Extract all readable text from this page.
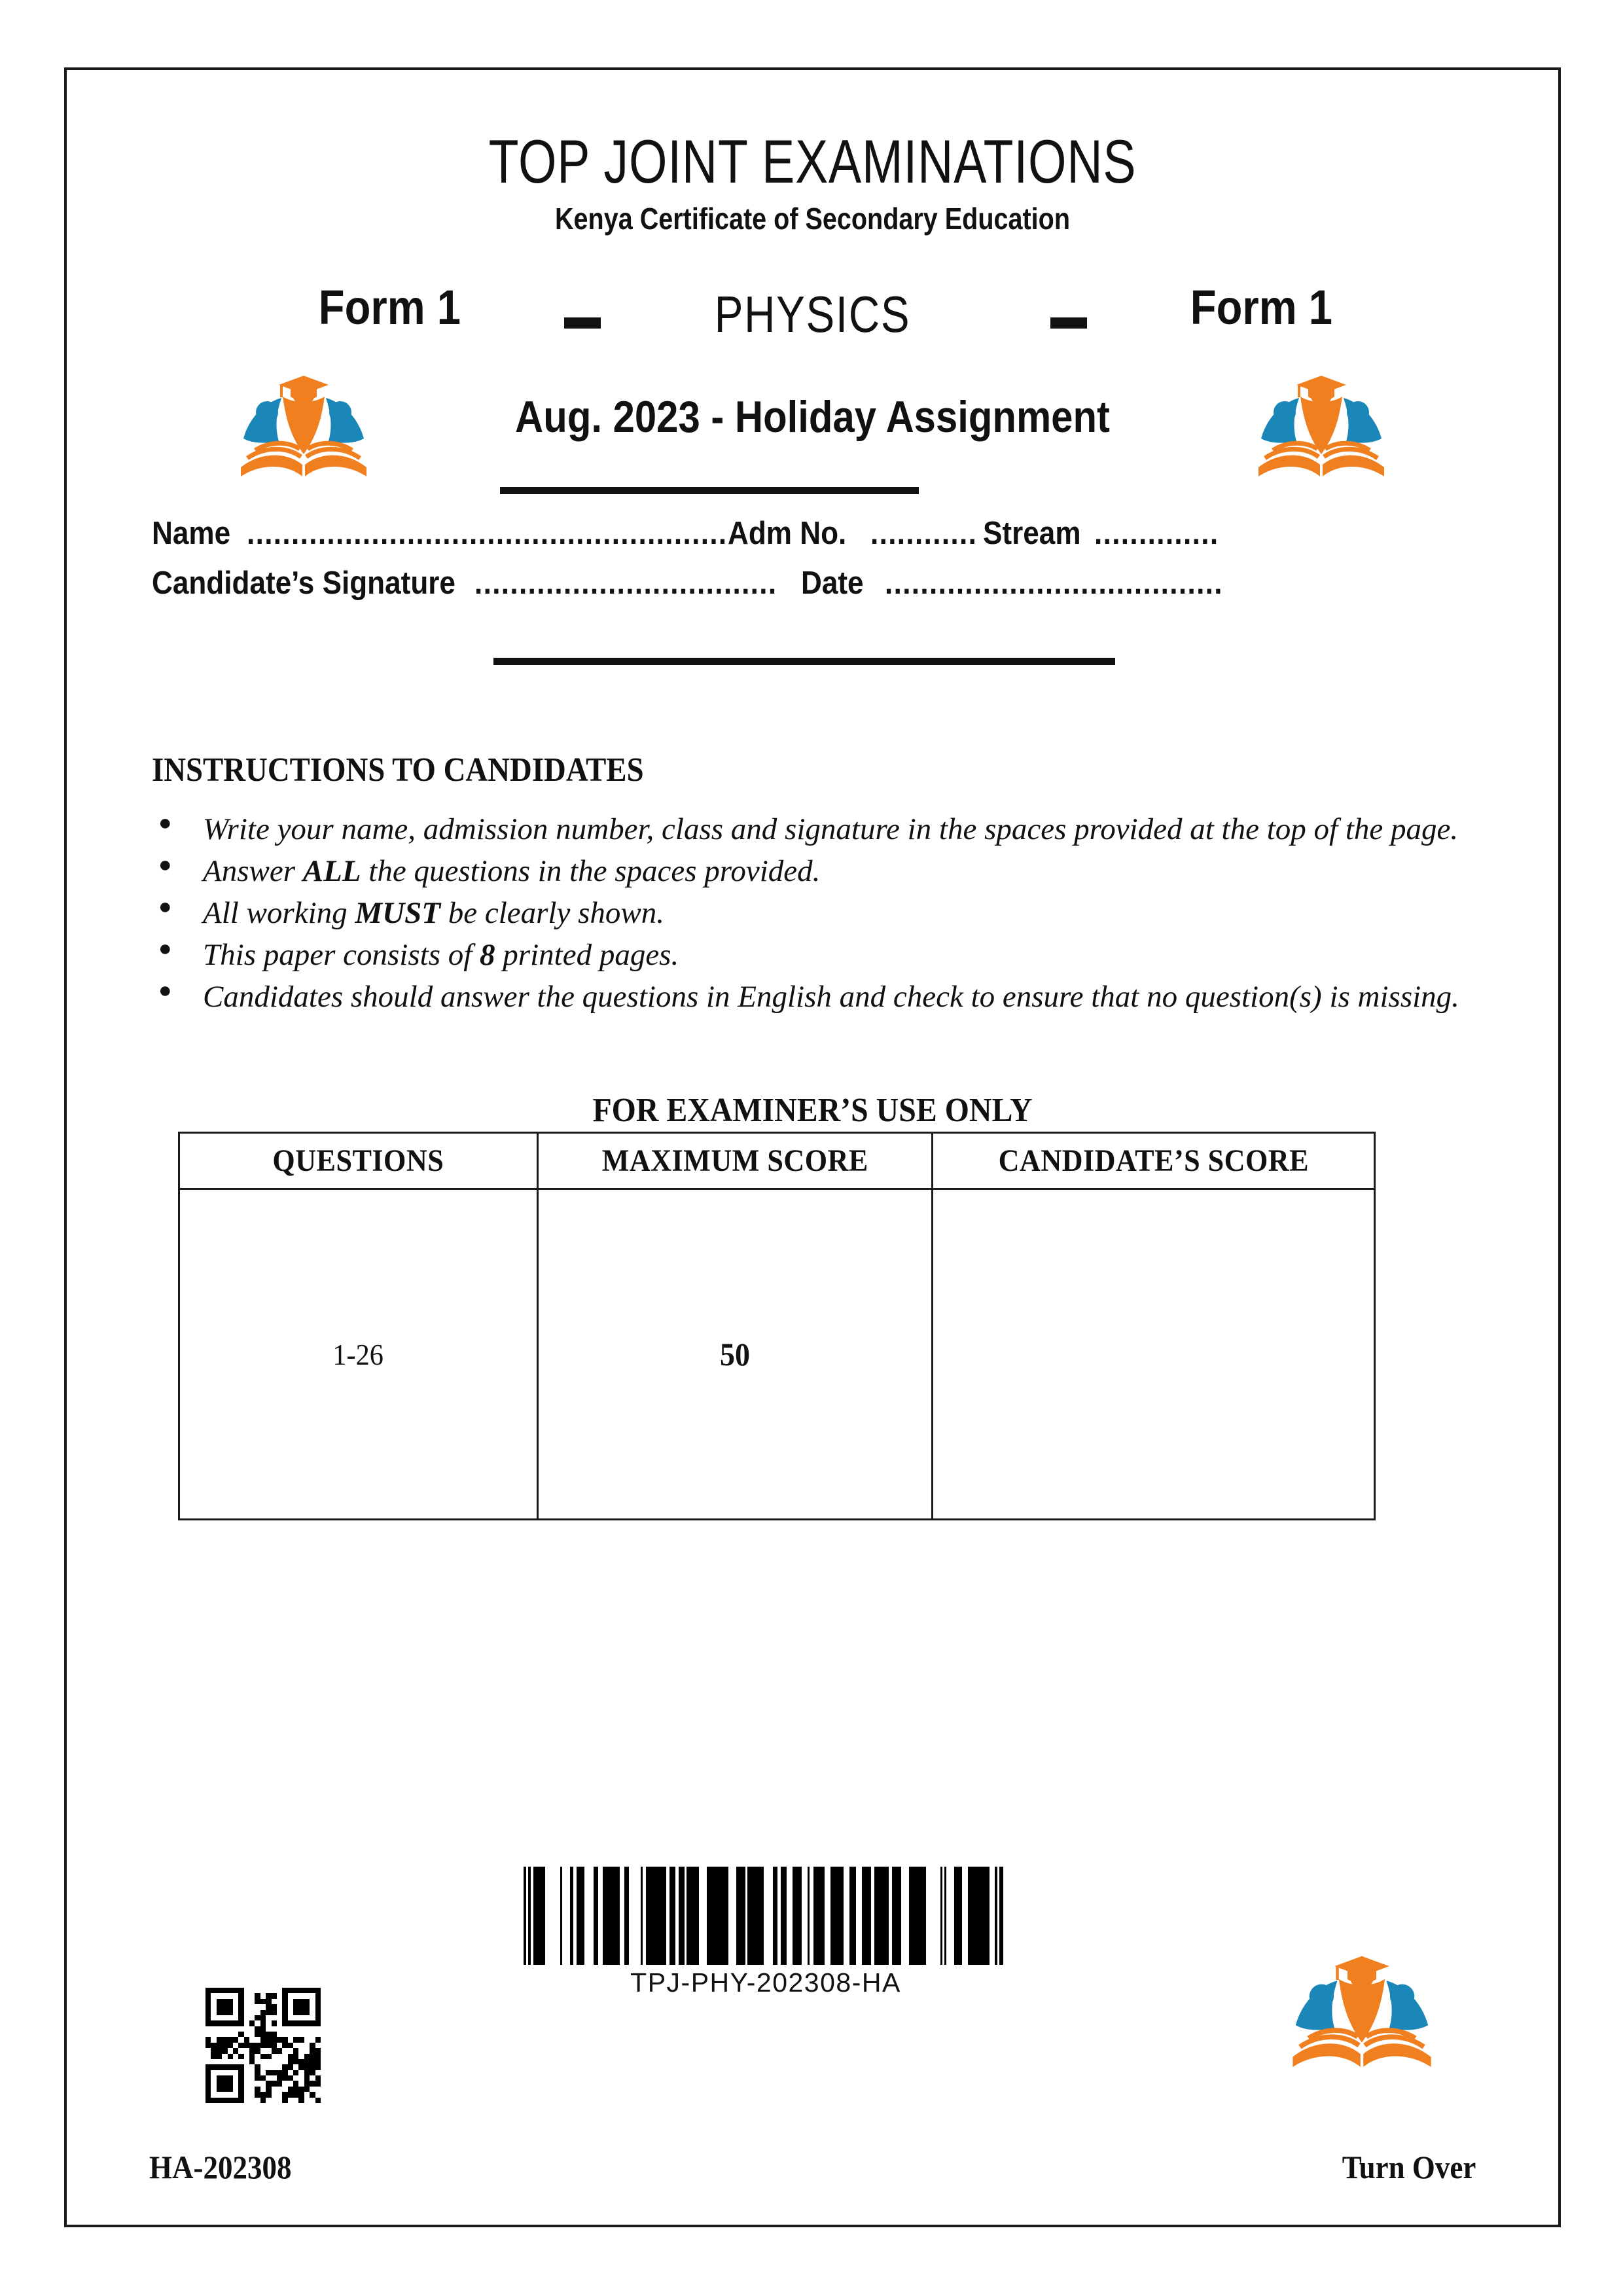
TOP JOINT EXAMINATIONS
Kenya Certificate of Secondary Education
Form 1	PHYSICS	Form 1
Aug. 2023 - Holiday Assignment
Name ...................................................... Adm No. ............ Stream ..............
Candidate’s Signature .................................. Date ......................................
INSTRUCTIONS TO CANDIDATES
● Write your name, admission number, class and signature in the spaces provided at the top of the page.
● Answer ALL the questions in the spaces provided.
● All working MUST be clearly shown.
● This paper consists of 8 printed pages.
● Candidates should answer the questions in English and check to ensure that no question(s) is missing.
FOR EXAMINER’S USE ONLY
QUESTIONS	MAXIMUM SCORE	CANDIDATE’S SCORE
1-26	50	
TPJ-PHY-202308-HA
HA-202308	Turn Over
